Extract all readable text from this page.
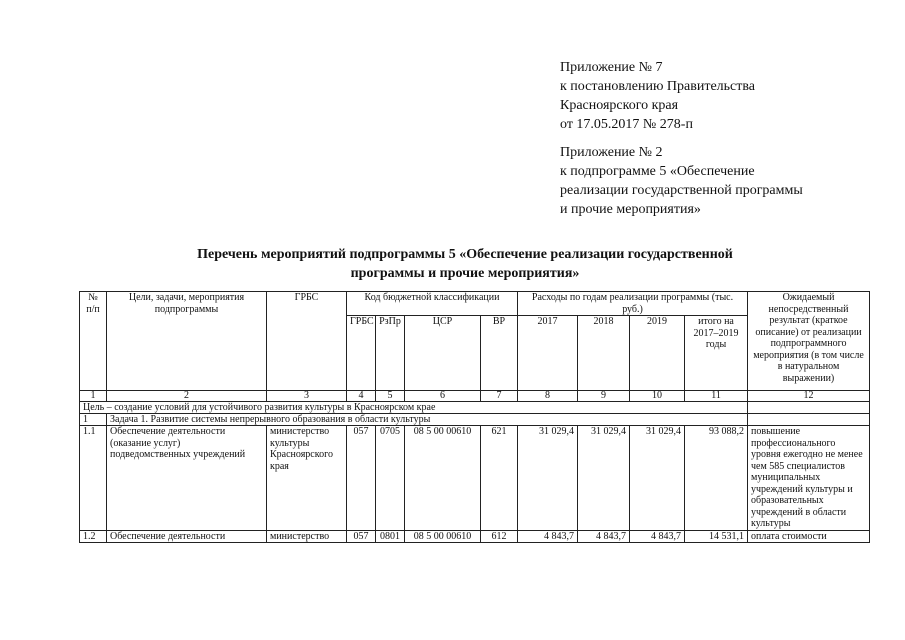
Приложение № 7
к постановлению Правительства
Красноярского края
от 17.05.2017 № 278-п
Приложение № 2
к подпрограмме 5 «Обеспечение
реализации государственной программы
и прочие мероприятия»
Перечень мероприятий подпрограммы 5 «Обеспечение реализации государственной
программы и прочие мероприятия»
№ п/п	Цели, задачи, мероприятия подпрограммы	ГРБС	Код бюджетной классификации				Расходы по годам реализации программы (тыс. руб.)				Ожидаемый непосредственный результат (краткое описание) от реализации подпрограммного мероприятия (в том числе в натуральном выражении)
			ГРБС	РзПр	ЦСР	ВР	2017	2018	2019	итого на 2017–2019 годы	
1	2	3	4	5	6	7	8	9	10	11	12
Цель – создание условий для устойчивого развития культуры в Красноярском крае											
1	Задача 1. Развитие системы непрерывного образования в области культуры										
1.1	Обеспечение деятельности (оказание услуг) подведомственных учреждений	министерство культуры Красноярского края	057	0705	08 5 00 00610	621	31 029,4	31 029,4	31 029,4	93 088,2	повышение профессионального уровня ежегодно не менее чем 585 специалистов муниципальных учреждений культуры и образовательных учреждений в области культуры
1.2	Обеспечение деятельности	министерство	057	0801	08 5 00 00610	612	4 843,7	4 843,7	4 843,7	14 531,1	оплата стоимости
